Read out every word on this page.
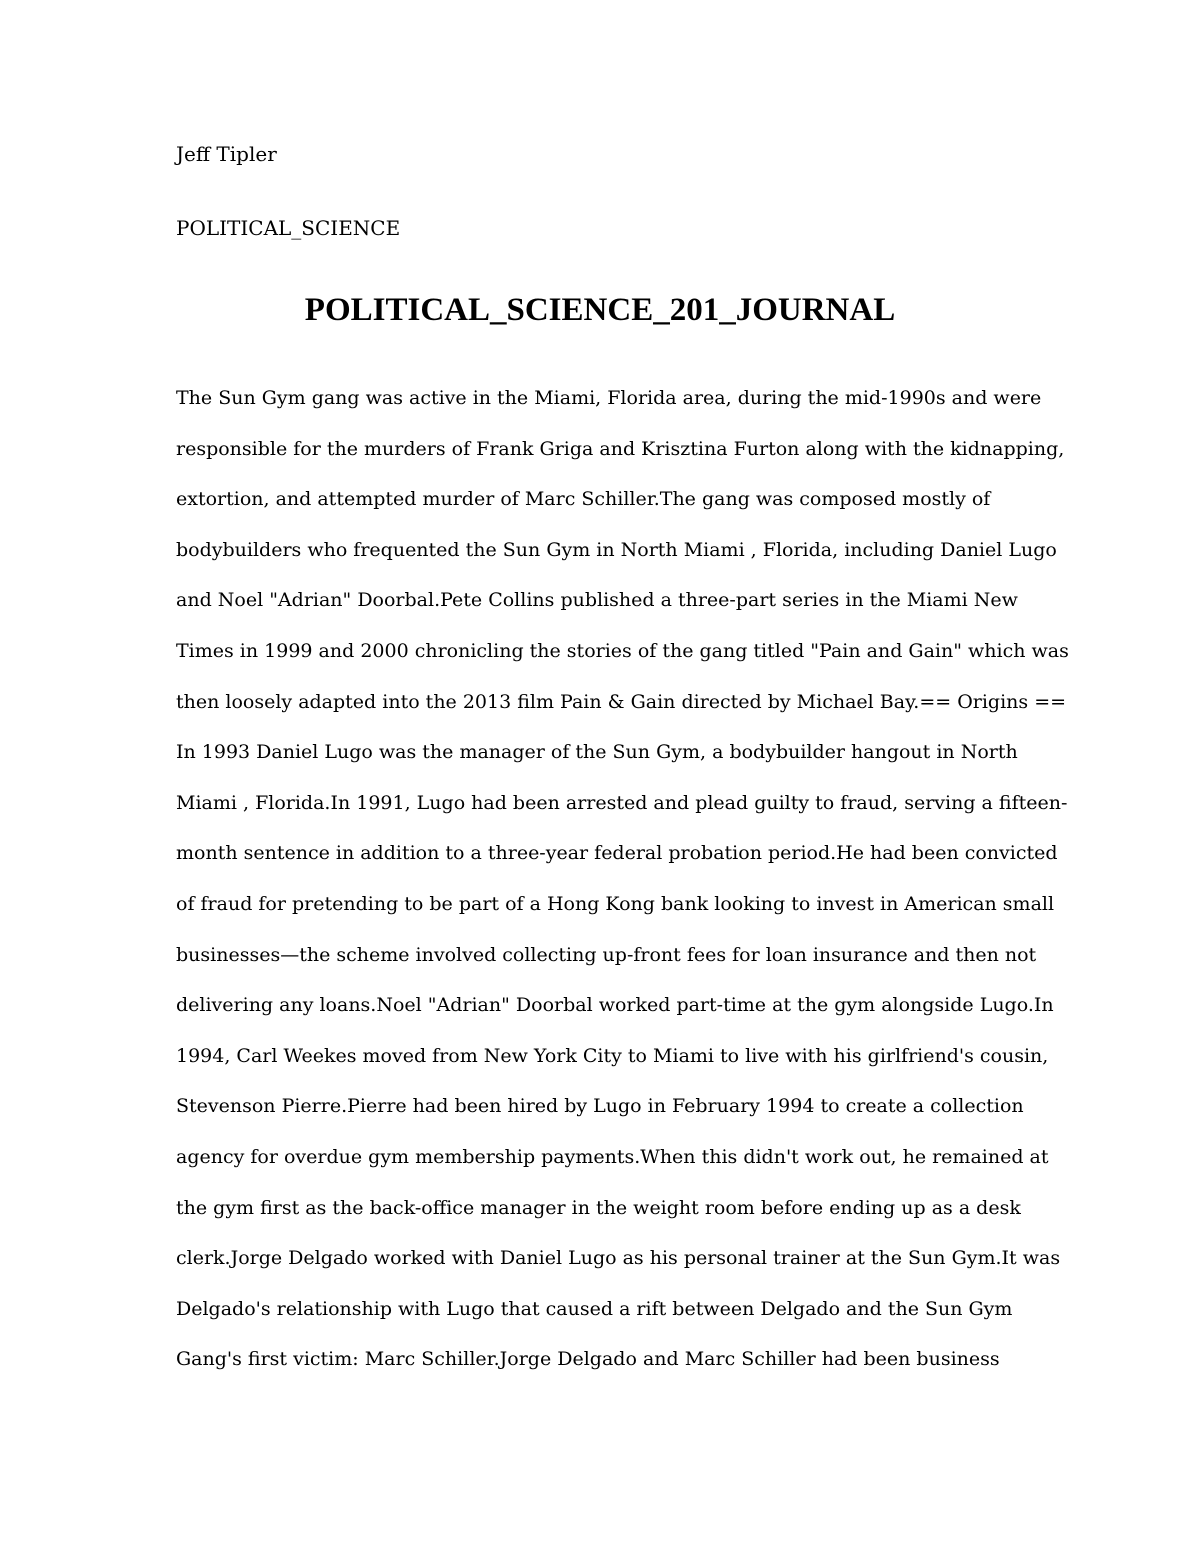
Jeff Tipler
POLITICAL_SCIENCE
POLITICAL_SCIENCE_201_JOURNAL
The Sun Gym gang was active in the Miami, Florida area, during the mid-1990s and were
responsible for the murders of Frank Griga and Krisztina Furton along with the kidnapping,
extortion, and attempted murder of Marc Schiller.The gang was composed mostly of
bodybuilders who frequented the Sun Gym in North Miami , Florida, including Daniel Lugo
and Noel "Adrian" Doorbal.Pete Collins published a three-part series in the Miami New
Times in 1999 and 2000 chronicling the stories of the gang titled "Pain and Gain" which was
then loosely adapted into the 2013 film Pain & Gain directed by Michael Bay.== Origins ==
In 1993 Daniel Lugo was the manager of the Sun Gym, a bodybuilder hangout in North
Miami , Florida.In 1991, Lugo had been arrested and plead guilty to fraud, serving a fifteen-
month sentence in addition to a three-year federal probation period.He had been convicted
of fraud for pretending to be part of a Hong Kong bank looking to invest in American small
businesses—the scheme involved collecting up-front fees for loan insurance and then not
delivering any loans.Noel "Adrian" Doorbal worked part-time at the gym alongside Lugo.In
1994, Carl Weekes moved from New York City to Miami to live with his girlfriend's cousin,
Stevenson Pierre.Pierre had been hired by Lugo in February 1994 to create a collection
agency for overdue gym membership payments.When this didn't work out, he remained at
the gym first as the back-office manager in the weight room before ending up as a desk
clerk.Jorge Delgado worked with Daniel Lugo as his personal trainer at the Sun Gym.It was
Delgado's relationship with Lugo that caused a rift between Delgado and the Sun Gym
Gang's first victim: Marc Schiller.Jorge Delgado and Marc Schiller had been business
